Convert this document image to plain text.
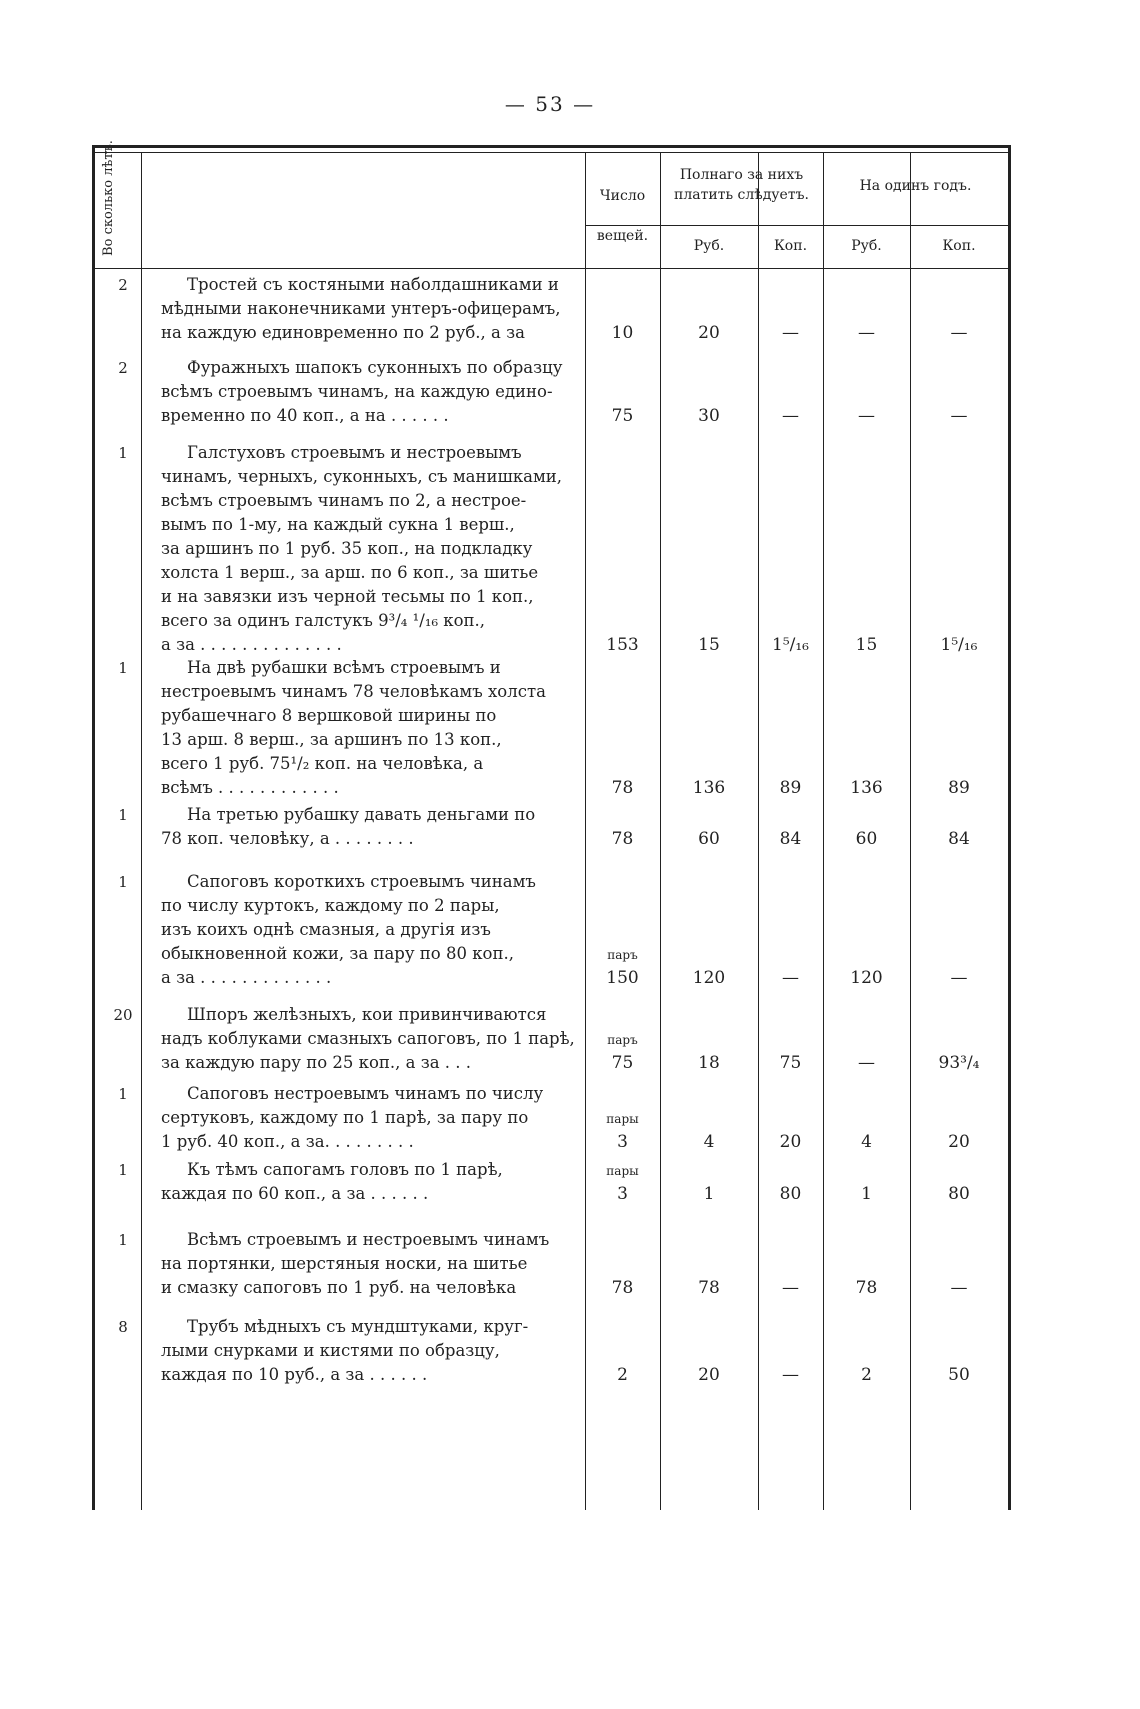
— 53 —
Во сколько лѣтъ.	Число
вещей.
Полнаго за нихъ
платить слѣдуетъ.
На одинъ годъ.
Руб.	Коп.	Руб.	Коп.
2	Тростей съ костяными наболдашниками и
мѣдными наконечниками унтеръ-офицерамъ,
на каждую единовременно по 2 руб., а за	10	20	—	—	—
2	Фуражныхъ шапокъ суконныхъ по образцу
всѣмъ строевымъ чинамъ, на каждую едино-
временно по 40 коп., а на . . . . . .	75	30	—	—	—
1	Галстуховъ строевымъ и нестроевымъ
чинамъ, черныхъ, суконныхъ, съ манишками,
всѣмъ строевымъ чинамъ по 2, а нестрое-
вымъ по 1-му, на каждый сукна 1 верш.,
за аршинъ по 1 руб. 35 коп., на подкладку
холста 1 верш., за арш. по 6 коп., за шитье
и на завязки изъ черной тесьмы по 1 коп.,
всего за одинъ галстукъ 9³/₄ ¹/₁₆ коп.,
а за . . . . . . . . . . . . . .	153	15	1⁵/₁₆	15	1⁵/₁₆
1	На двѣ рубашки всѣмъ строевымъ и
нестроевымъ чинамъ 78 человѣкамъ холста
рубашечнаго 8 вершковой ширины по
13 арш. 8 верш., за аршинъ по 13 коп.,
всего 1 руб. 75¹/₂ коп. на человѣка, а
всѣмъ . . . . . . . . . . . .	78	136	89	136	89
1	На третью рубашку давать деньгами по
78 коп. человѣку, а . . . . . . . .	78	60	84	60	84
1	Сапоговъ короткихъ строевымъ чинамъ
по числу куртокъ, каждому по 2 пары,
изъ коихъ однѣ смазныя, а другія изъ
обыкновенной кожи, за пару по 80 коп.,
а за . . . . . . . . . . . . .
паръ
150	120	—	120	—
20	Шпоръ желѣзныхъ, кои привинчиваются
надъ коблуками смазныхъ сапоговъ, по 1 парѣ,
за каждую пару по 25 коп., а за . . .
паръ
75	18	75	—	93³/₄
1	Сапоговъ нестроевымъ чинамъ по числу
сертуковъ, каждому по 1 парѣ, за пару по
1 руб. 40 коп., а за. . . . . . . . .
пары
3	4	20	4	20
1	Къ тѣмъ сапогамъ головъ по 1 парѣ,
каждая по 60 коп., а за . . . . . .
пары
3	1	80	1	80
1	Всѣмъ строевымъ и нестроевымъ чинамъ
на портянки, шерстяныя носки, на шитье
и смазку сапоговъ по 1 руб. на человѣка	78	78	—	78	—
8	Трубъ мѣдныхъ съ мундштуками, круг-
лыми снурками и кистями по образцу,
каждая по 10 руб., а за . . . . . .	2	20	—	2	50
